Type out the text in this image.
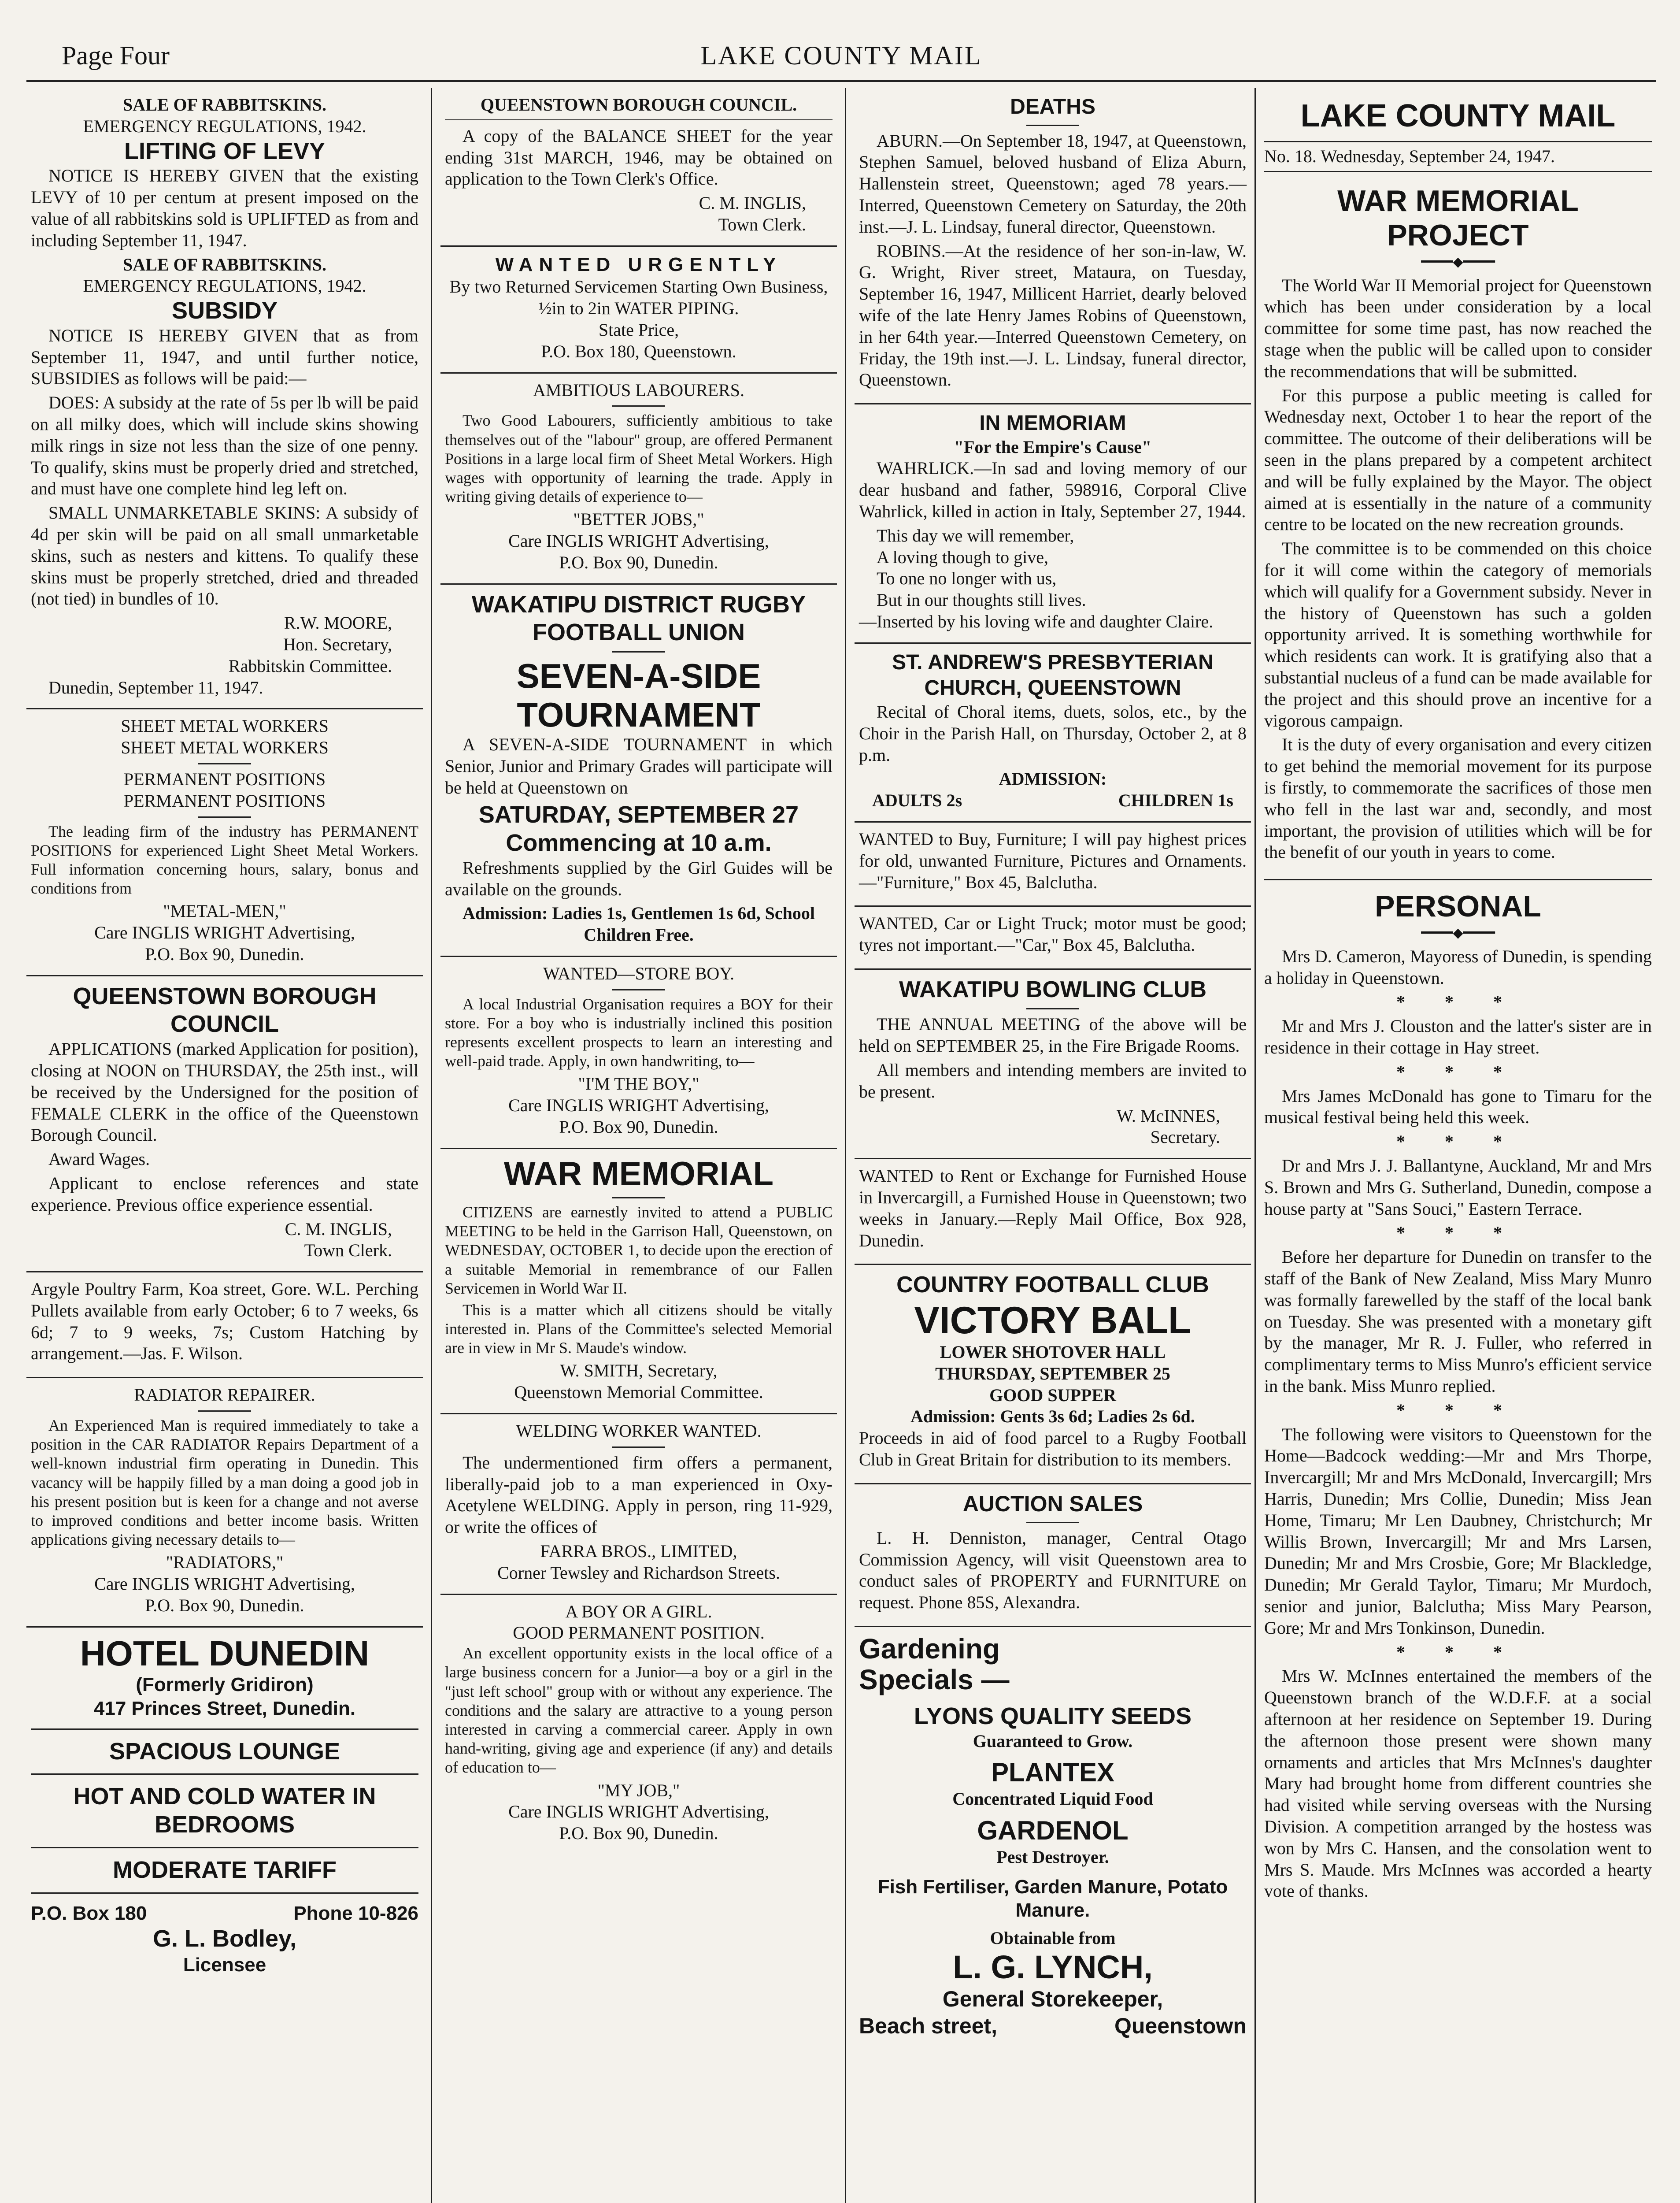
Page Four	LAKE COUNTY MAIL
SALE OF RABBITSKINS.
EMERGENCY REGULATIONS, 1942.
LIFTING OF LEVY

NOTICE IS HEREBY GIVEN that the existing LEVY of 10 per centum at present imposed on the value of all rabbitskins sold is UPLIFTED as from and including September 11, 1947.

SALE OF RABBITSKINS.
EMERGENCY REGULATIONS, 1942.
SUBSIDY

NOTICE IS HEREBY GIVEN that as from September 11, 1947, and until further notice, SUBSIDIES as follows will be paid:—

DOES: A subsidy at the rate of 5s per lb will be paid on all milky does, which will include skins showing milk rings in size not less than the size of one penny. To qualify, skins must be properly dried and stretched, and must have one complete hind leg left on.

SMALL UNMARKETABLE SKINS: A subsidy of 4d per skin will be paid on all small unmarketable skins, such as nesters and kittens. To qualify these skins must be properly stretched, dried and threaded (not tied) in bundles of 10.

R.W. MOORE,
Hon. Secretary,
Rabbitskin Committee.
Dunedin, September 11, 1947.
SHEET METAL WORKERS
SHEET METAL WORKERS
PERMANENT POSITIONS
PERMANENT POSITIONS

The leading firm of the industry has PERMANENT POSITIONS for experienced Light Sheet Metal Workers. Full information concerning hours, salary, bonus and conditions from

"METAL-MEN,"
Care INGLIS WRIGHT Advertising,
P.O. Box 90, Dunedin.
QUEENSTOWN BOROUGH COUNCIL

APPLICATIONS (marked Application for position), closing at NOON on THURSDAY, the 25th inst., will be received by the Undersigned for the position of FEMALE CLERK in the office of the Queenstown Borough Council.

Award Wages.

Applicant to enclose references and state experience. Previous office experience essential.

C. M. INGLIS,
Town Clerk.

Argyle Poultry Farm, Koa street, Gore. W.L. Perching Pullets available from early October; 6 to 7 weeks, 6s 6d; 7 to 9 weeks, 7s; Custom Hatching by arrangement.—Jas. F. Wilson.

RADIATOR REPAIRER.

An Experienced Man is required immediately to take a position in the CAR RADIATOR Repairs Department of a well-known industrial firm operating in Dunedin. This vacancy will be happily filled by a man doing a good job in his present position but is keen for a change and not averse to improved conditions and better income basis. Written applications giving necessary details to—

"RADIATORS,"
Care INGLIS WRIGHT Advertising,
P.O. Box 90, Dunedin.
HOTEL DUNEDIN
(Formerly Gridiron)
417 Princes Street, Dunedin.
SPACIOUS LOUNGE
HOT AND COLD WATER IN BEDROOMS
MODERATE TARIFF
P.O. Box 180	Phone 10-826
G. L. Bodley,
Licensee
QUEENSTOWN BOROUGH COUNCIL.

A copy of the BALANCE SHEET for the year ending 31st MARCH, 1946, may be obtained on application to the Town Clerk's Office.

C. M. INGLIS,
Town Clerk.
WANTED URGENTLY
By two Returned Servicemen Starting Own Business,
½in to 2in WATER PIPING.
State Price,
P.O. Box 180, Queenstown.
AMBITIOUS LABOURERS.

Two Good Labourers, sufficiently ambitious to take themselves out of the "labour" group, are offered Permanent Positions in a large local firm of Sheet Metal Workers. High wages with opportunity of learning the trade. Apply in writing giving details of experience to—

"BETTER JOBS,"
Care INGLIS WRIGHT Advertising,
P.O. Box 90, Dunedin.
WAKATIPU DISTRICT RUGBY FOOTBALL UNION
SEVEN-A-SIDE TOURNAMENT

A SEVEN-A-SIDE TOURNAMENT in which Senior, Junior and Primary Grades will participate will be held at Queenstown on

SATURDAY, SEPTEMBER 27
Commencing at 10 a.m.

Refreshments supplied by the Girl Guides will be available on the grounds.

Admission: Ladies 1s, Gentlemen 1s 6d, School Children Free.
WANTED—STORE BOY.

A local Industrial Organisation requires a BOY for their store. For a boy who is industrially inclined this position represents excellent prospects to learn an interesting and well-paid trade. Apply, in own handwriting, to—

"I'M THE BOY,"
Care INGLIS WRIGHT Advertising,
P.O. Box 90, Dunedin.
WAR MEMORIAL

CITIZENS are earnestly invited to attend a PUBLIC MEETING to be held in the Garrison Hall, Queenstown, on WEDNESDAY, OCTOBER 1, to decide upon the erection of a suitable Memorial in remembrance of our Fallen Servicemen in World War II.

This is a matter which all citizens should be vitally interested in. Plans of the Committee's selected Memorial are in view in Mr S. Maude's window.

W. SMITH, Secretary,
Queenstown Memorial Committee.
WELDING WORKER WANTED.

The undermentioned firm offers a permanent, liberally-paid job to a man experienced in Oxy-Acetylene WELDING. Apply in person, ring 11-929, or write the offices of

FARRA BROS., LIMITED,
Corner Tewsley and Richardson Streets.
A BOY OR A GIRL.
GOOD PERMANENT POSITION.

An excellent opportunity exists in the local office of a large business concern for a Junior—a boy or a girl in the "just left school" group with or without any experience. The conditions and the salary are attractive to a young person interested in carving a commercial career. Apply in own hand-writing, giving age and experience (if any) and details of education to—

"MY JOB,"
Care INGLIS WRIGHT Advertising,
P.O. Box 90, Dunedin.
DEATHS

ABURN.—On September 18, 1947, at Queenstown, Stephen Samuel, beloved husband of Eliza Aburn, Hallenstein street, Queenstown; aged 78 years.—Interred, Queenstown Cemetery on Saturday, the 20th inst.—J. L. Lindsay, funeral director, Queenstown.

ROBINS.—At the residence of her son-in-law, W. G. Wright, River street, Mataura, on Tuesday, September 16, 1947, Millicent Harriet, dearly beloved wife of the late Henry James Robins of Queenstown, in her 64th year.—Interred Queenstown Cemetery, on Friday, the 19th inst.—J. L. Lindsay, funeral director, Queenstown.

IN MEMORIAM
"For the Empire's Cause"

WAHRLICK.—In sad and loving memory of our dear husband and father, 598916, Corporal Clive Wahrlick, killed in action in Italy, September 27, 1944.

This day we will remember,
A loving though to give,
To one no longer with us,
But in our thoughts still lives.
—Inserted by his loving wife and daughter Claire.
ST. ANDREW'S PRESBYTERIAN CHURCH, QUEENSTOWN

Recital of Choral items, duets, solos, etc., by the Choir in the Parish Hall, on Thursday, October 2, at 8 p.m.

ADMISSION:
ADULTS 2s	CHILDREN 1s

WANTED to Buy, Furniture; I will pay highest prices for old, unwanted Furniture, Pictures and Ornaments.—"Furniture," Box 45, Balclutha.

WANTED, Car or Light Truck; motor must be good; tyres not important.—"Car," Box 45, Balclutha.

WAKATIPU BOWLING CLUB

THE ANNUAL MEETING of the above will be held on SEPTEMBER 25, in the Fire Brigade Rooms.

All members and intending members are invited to be present.

W. McINNES,
Secretary.

WANTED to Rent or Exchange for Furnished House in Invercargill, a Furnished House in Queenstown; two weeks in January.—Reply Mail Office, Box 928, Dunedin.

COUNTRY FOOTBALL CLUB
VICTORY BALL
LOWER SHOTOVER HALL
THURSDAY, SEPTEMBER 25
GOOD SUPPER
Admission: Gents 3s 6d; Ladies 2s 6d.

Proceeds in aid of food parcel to a Rugby Football Club in Great Britain for distribution to its members.

AUCTION SALES

L. H. Denniston, manager, Central Otago Commission Agency, will visit Queenstown area to conduct sales of PROPERTY and FURNITURE on request. Phone 85S, Alexandra.

Gardening
Specials —
LYONS QUALITY SEEDS
Guaranteed to Grow.
PLANTEX
Concentrated Liquid Food
GARDENOL
Pest Destroyer.
Fish Fertiliser, Garden Manure, Potato Manure.
Obtainable from
L. G. LYNCH,
General Storekeeper,
Beach street,	Queenstown
LAKE COUNTY MAIL
No. 18. Wednesday, September 24, 1947.
WAR MEMORIAL PROJECT
━━━━◆━━━━

The World War II Memorial project for Queenstown which has been under consideration by a local committee for some time past, has now reached the stage when the public will be called upon to consider the recommendations that will be submitted.

For this purpose a public meeting is called for Wednesday next, October 1 to hear the report of the committee. The outcome of their deliberations will be seen in the plans prepared by a competent architect and will be fully explained by the Mayor. The object aimed at is essentially in the nature of a community centre to be located on the new recreation grounds.

The committee is to be commended on this choice for it will come within the category of memorials which will qualify for a Government subsidy. Never in the history of Queenstown has such a golden opportunity arrived. It is something worthwhile for which residents can work. It is gratifying also that a substantial nucleus of a fund can be made available for the project and this should prove an incentive for a vigorous campaign.

It is the duty of every organisation and every citizen to get behind the memorial movement for its purpose is firstly, to commemorate the sacrifices of those men who fell in the last war and, secondly, and most important, the provision of utilities which will be for the benefit of our youth in years to come.

PERSONAL
━━━━◆━━━━

Mrs D. Cameron, Mayoress of Dunedin, is spending a holiday in Queenstown.

* * *

Mr and Mrs J. Clouston and the latter's sister are in residence in their cottage in Hay street.

* * *

Mrs James McDonald has gone to Timaru for the musical festival being held this week.

* * *

Dr and Mrs J. J. Ballantyne, Auckland, Mr and Mrs S. Brown and Mrs G. Sutherland, Dunedin, compose a house party at "Sans Souci," Eastern Terrace.

* * *

Before her departure for Dunedin on transfer to the staff of the Bank of New Zealand, Miss Mary Munro was formally farewelled by the staff of the local bank on Tuesday. She was presented with a monetary gift by the manager, Mr R. J. Fuller, who referred in complimentary terms to Miss Munro's efficient service in the bank. Miss Munro replied.

* * *

The following were visitors to Queenstown for the Home—Badcock wedding:—Mr and Mrs Thorpe, Invercargill; Mr and Mrs McDonald, Invercargill; Mrs Harris, Dunedin; Mrs Collie, Dunedin; Miss Jean Home, Timaru; Mr Len Daubney, Christchurch; Mr Willis Brown, Invercargill; Mr and Mrs Larsen, Dunedin; Mr and Mrs Crosbie, Gore; Mr Blackledge, Dunedin; Mr Gerald Taylor, Timaru; Mr Murdoch, senior and junior, Balclutha; Miss Mary Pearson, Gore; Mr and Mrs Tonkinson, Dunedin.

* * *

Mrs W. McInnes entertained the members of the Queenstown branch of the W.D.F.F. at a social afternoon at her residence on September 19. During the afternoon those present were shown many ornaments and articles that Mrs McInnes's daughter Mary had brought home from different countries she had visited while serving overseas with the Nursing Division. A competition arranged by the hostess was won by Mrs C. Hansen, and the consolation went to Mrs S. Maude. Mrs McInnes was accorded a hearty vote of thanks.
